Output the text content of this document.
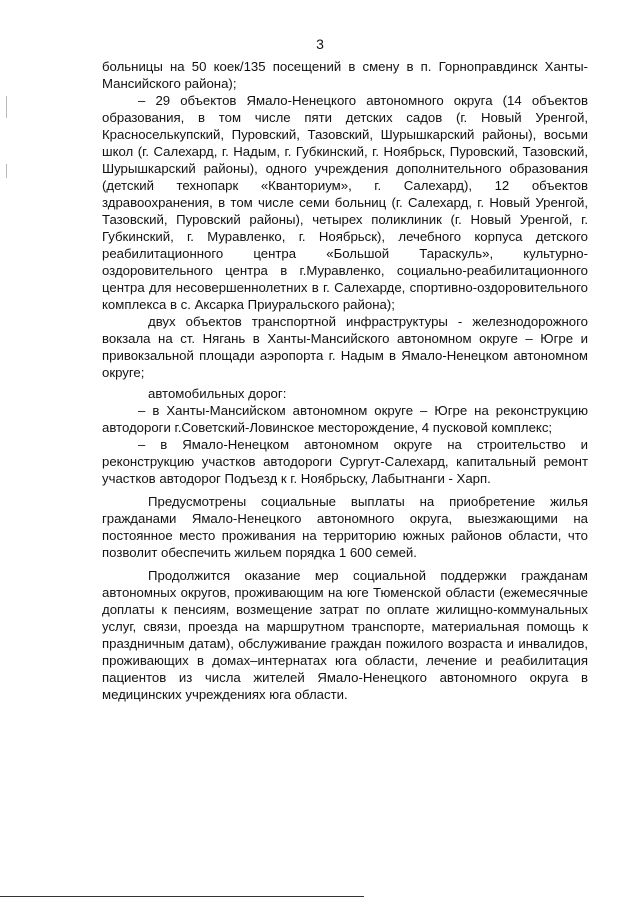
3

больницы на 50 коек/135 посещений в смену в п. Горноправдинск Ханты-Мансийского района);

– 29 объектов Ямало-Ненецкого автономного округа (14 объектов образования, в том числе пяти детских садов (г. Новый Уренгой, Красноселькупский, Пуровский, Тазовский, Шурышкарский районы), восьми школ (г. Салехард, г. Надым, г. Губкинский, г. Ноябрьск, Пуровский, Тазовский, Шурышкарский районы), одного учреждения дополнительного образования (детский технопарк «Кванториум», г. Салехард), 12 объектов здравоохранения, в том числе семи больниц (г. Салехард, г. Новый Уренгой, Тазовский, Пуровский районы), четырех поликлиник (г. Новый Уренгой, г. Губкинский, г. Муравленко, г. Ноябрьск), лечебного корпуса детского реабилитационного центра «Большой Тараскуль», культурно-оздоровительного центра в г.Муравленко, социально-реабилитационного центра для несовершеннолетних в г. Салехарде, спортивно-оздоровительного комплекса в с. Аксарка Приуральского района);

двух объектов транспортной инфраструктуры - железнодорожного вокзала на ст. Нягань в Ханты-Мансийского автономном округе – Югре и привокзальной площади аэропорта г. Надым в Ямало-Ненецком автономном округе;

автомобильных дорог:

– в Ханты-Мансийском автономном округе – Югре на реконструкцию автодороги г.Советский-Ловинское месторождение, 4 пусковой комплекс;

– в Ямало-Ненецком автономном округе на строительство и реконструкцию участков автодороги Сургут-Салехард, капитальный ремонт участков автодорог Подъезд к г. Ноябрьску, Лабытнанги - Харп.

Предусмотрены социальные выплаты на приобретение жилья гражданами Ямало-Ненецкого автономного округа, выезжающими на постоянное место проживания на территорию южных районов области, что позволит обеспечить жильем порядка 1 600 семей.

Продолжится оказание мер социальной поддержки гражданам автономных округов, проживающим на юге Тюменской области (ежемесячные доплаты к пенсиям, возмещение затрат по оплате жилищно-коммунальных услуг, связи, проезда на маршрутном транспорте, материальная помощь к праздничным датам), обслуживание граждан пожилого возраста и инвалидов, проживающих в домах–интернатах юга области, лечение и реабилитация пациентов из числа жителей Ямало-Ненецкого автономного округа в медицинских учреждениях юга области.
